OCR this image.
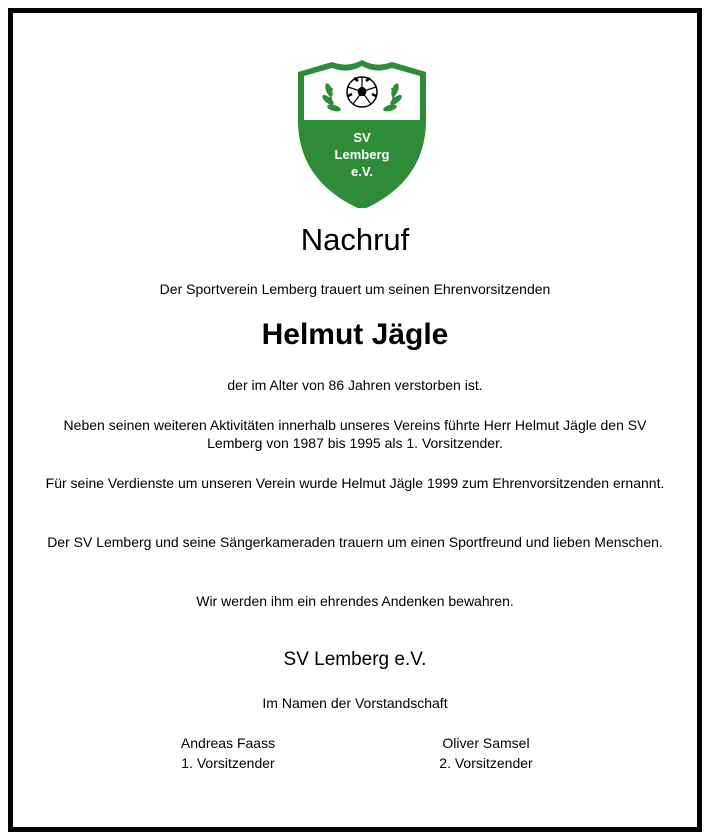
SV
Lemberg
e.V.
Nachruf
Der Sportverein Lemberg trauert um seinen Ehrenvorsitzenden
Helmut Jägle
der im Alter von 86 Jahren verstorben ist.
Neben seinen weiteren Aktivitäten innerhalb unseres Vereins führte Herr Helmut Jägle den SV Lemberg von 1987 bis 1995 als 1. Vorsitzender.
Für seine Verdienste um unseren Verein wurde Helmut Jägle 1999 zum Ehrenvorsitzenden ernannt.
Der SV Lemberg und seine Sängerkameraden trauern um einen Sportfreund und lieben Menschen.
Wir werden ihm ein ehrendes Andenken bewahren.
SV Lemberg e.V.
Im Namen der Vorstandschaft
Andreas Faass
1. Vorsitzender
Oliver Samsel
2. Vorsitzender
